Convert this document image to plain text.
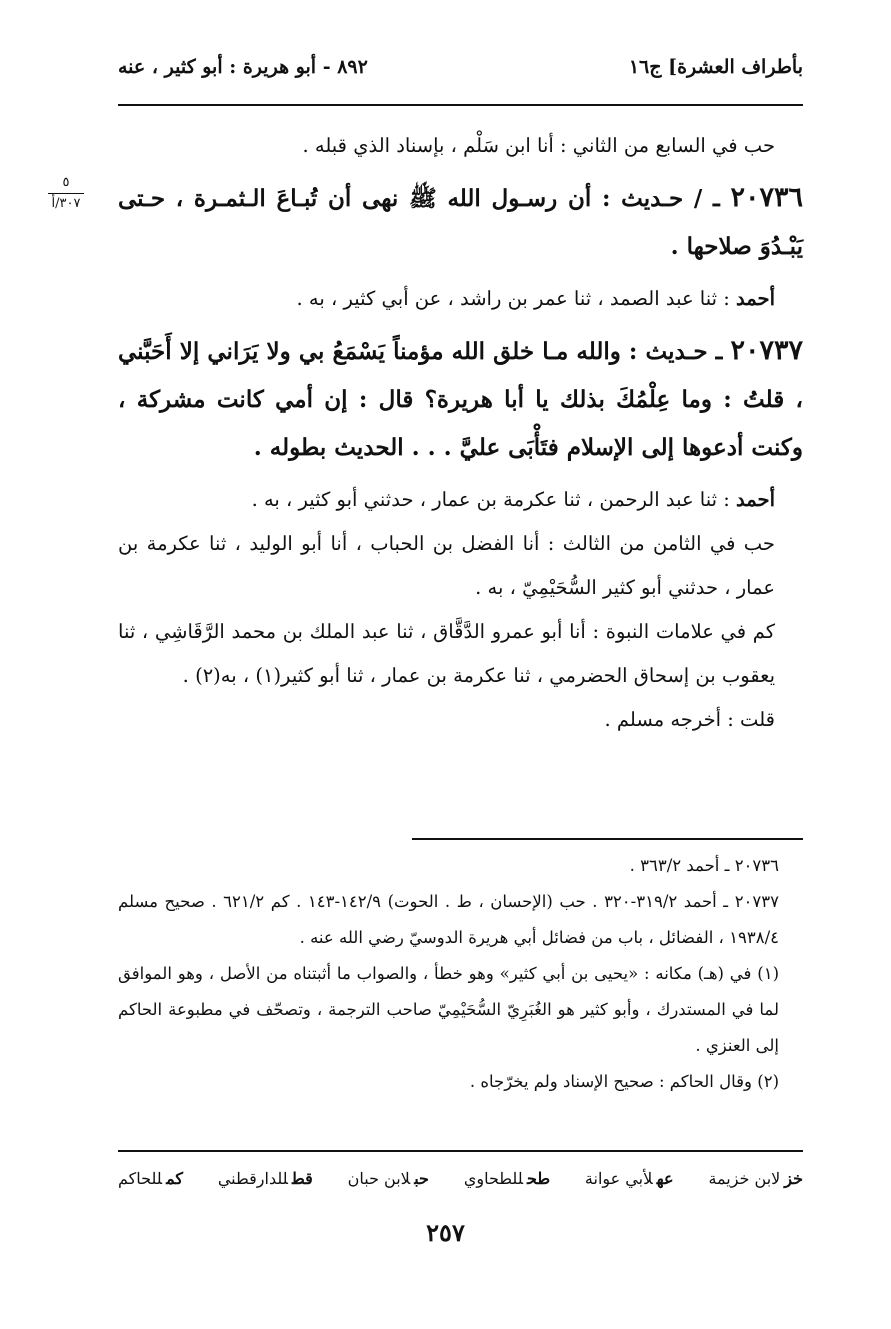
بأطراف العشرة] ج١٦
٨٩٢ - أبو هريرة : أبو كثير ، عنه
٥
٣٠٧/أ

حب في السابع من الثاني : أنا ابن سَلْم ، بإسناد الذي قبله .

٢٠٧٣٦ ـ / حـديث : أن رسـول الله ﷺ نهى أن تُبـاعَ الـثمـرة ، حـتى يَبْـدُوَ صلاحها .

أحمد : ثنا عبد الصمد ، ثنا عمر بن راشد ، عن أبي كثير ، به .

٢٠٧٣٧ ـ حـديث : والله مـا خلق الله مؤمناً يَسْمَعُ بي ولا يَرَاني إلا أَحَبَّني ، قلتُ : وما عِلْمُكَ بذلك يا أبا هريرة؟ قال : إن أمي كانت مشركة ، وكنت أدعوها إلى الإسلام فتَأْبَى عليَّ . . . الحديث بطوله .

أحمد : ثنا عبد الرحمن ، ثنا عكرمة بن عمار ، حدثني أبو كثير ، به .

حب في الثامن من الثالث : أنا الفضل بن الحباب ، أنا أبو الوليد ، ثنا عكرمة بن عمار ، حدثني أبو كثير السُّحَيْمِيّ ، به .

كم في علامات النبوة : أنا أبو عمرو الدَّقَّاق ، ثنا عبد الملك بن محمد الرَّقَاشِي ، ثنا يعقوب بن إسحاق الحضرمي ، ثنا عكرمة بن عمار ، ثنا أبو كثير(١) ، به(٢) .

قلت : أخرجه مسلم .

٢٠٧٣٦ ـ أحمد ٣٦٣/٢ .

٢٠٧٣٧ ـ أحمد ٣١٩/٢-٣٢٠ . حب (الإحسان ، ط . الحوت) ١٤٢/٩-١٤٣ . كم ٦٢١/٢ . صحيح مسلم ١٩٣٨/٤ ، الفضائل ، باب من فضائل أبي هريرة الدوسيّ رضي الله عنه .

(١) في (هـ) مكانه : «يحيى بن أبي كثير» وهو خطأ ، والصواب ما أثبتناه من الأصل ، وهو الموافق لما في المستدرك ، وأبو كثير هو الغُبَرِيّ السُّحَيْمِيّ صاحب الترجمة ، وتصحّف في مطبوعة الحاكم إلى العنزي .

(٢) وقال الحاكم : صحيح الإسناد ولم يخرّجاه .

خزلابن خزيمة
عهلأبي عوانة
طحللطحاوي
حبلابن حبان
قطللدارقطني
كمللحاكم
٢٥٧
